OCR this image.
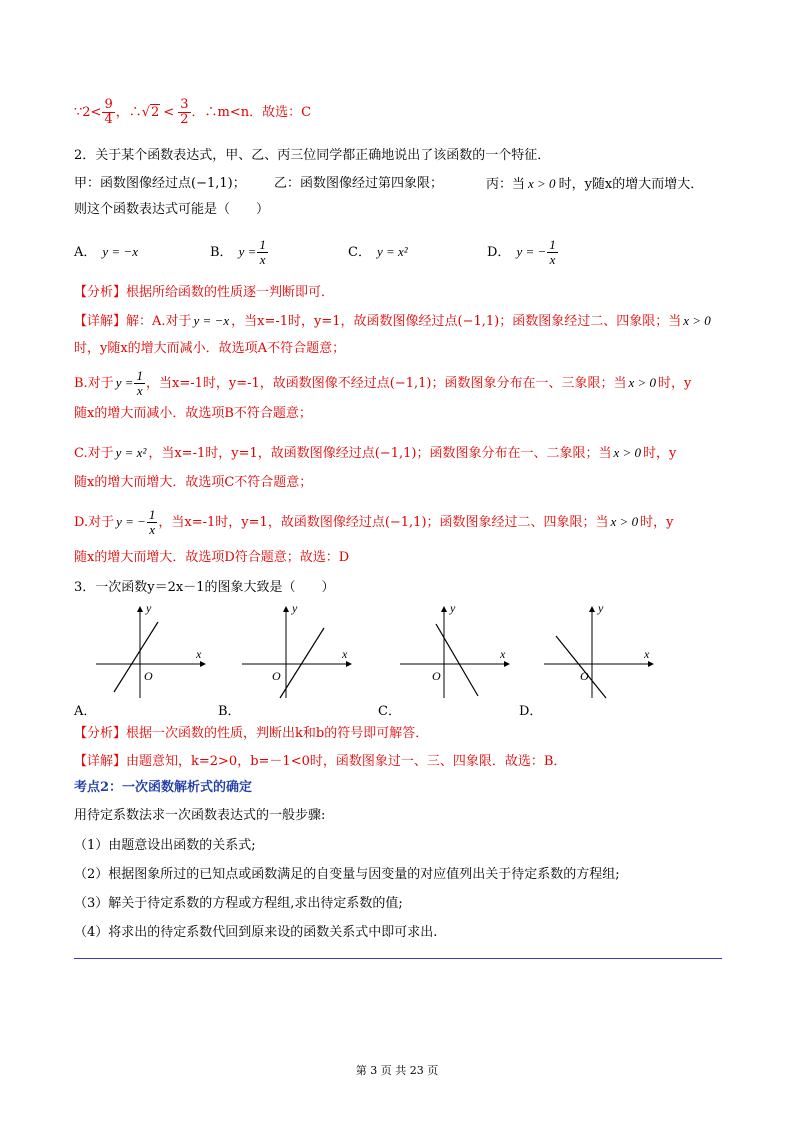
∵2< $\frac{9}{4}$ ，∴√2 < $\frac{3}{2}$ ．∴m<n．故选：C
2．关于某个函数表达式，甲、乙、丙三位同学都正确地说出了该函数的一个特征．
甲：函数图像经过点(−1,1)； 乙：函数图像经过第四象限；	丙：当 x > 0 时，y随x的增大而增大．
则这个函数表达式可能是（　　）
A． y = −x	B． $y = \frac{1}{x}$	C． y = x²	D． y = − $\frac{1}{x}$
【分析】根据所给函数的性质逐一判断即可．
【详解】解：A.对于 y = −x ，当x=-1时，y=1，故函数图像经过点(−1,1)；函数图象经过二、四象限；当 x > 0
时，y随x的增大而减小．故选项A不符合题意；
B.对于 $y = \frac{1}{x}$ ，当x=-1时，y=-1，故函数图像不经过点(−1,1)；函数图象分布在一、三象限；当 x > 0 时，y
随x的增大而减小．故选项B不符合题意；
C.对于 y = x² ，当x=-1时，y=1，故函数图像经过点(−1,1)；函数图象分布在一、二象限；当 x > 0 时，y
随x的增大而增大．故选项C不符合题意；
D.对于 y = − $\frac{1}{x}$ ，当x=-1时，y=1，故函数图像经过点(−1,1)；函数图象经过二、四象限；当 x > 0 时，y
随x的增大而增大．故选项D符合题意；故选：D
3．一次函数y＝2x－1的图象大致是（　　）
y
x
O
A．
y
x
O
B．
y
x
O
C．
y
x
O
D．
【分析】根据一次函数的性质，判断出k和b的符号即可解答．
【详解】由题意知，k=2>0，b=－1<0时，函数图象过一、三、四象限．故选：B．
考点2：一次函数解析式的确定
用待定系数法求一次函数表达式的一般步骤:
（1）由题意设出函数的关系式;
（2）根据图象所过的已知点或函数满足的自变量与因变量的对应值列出关于待定系数的方程组;
（3）解关于待定系数的方程或方程组,求出待定系数的值;
（4）将求出的待定系数代回到原来设的函数关系式中即可求出.
第 3 页 共 23 页
